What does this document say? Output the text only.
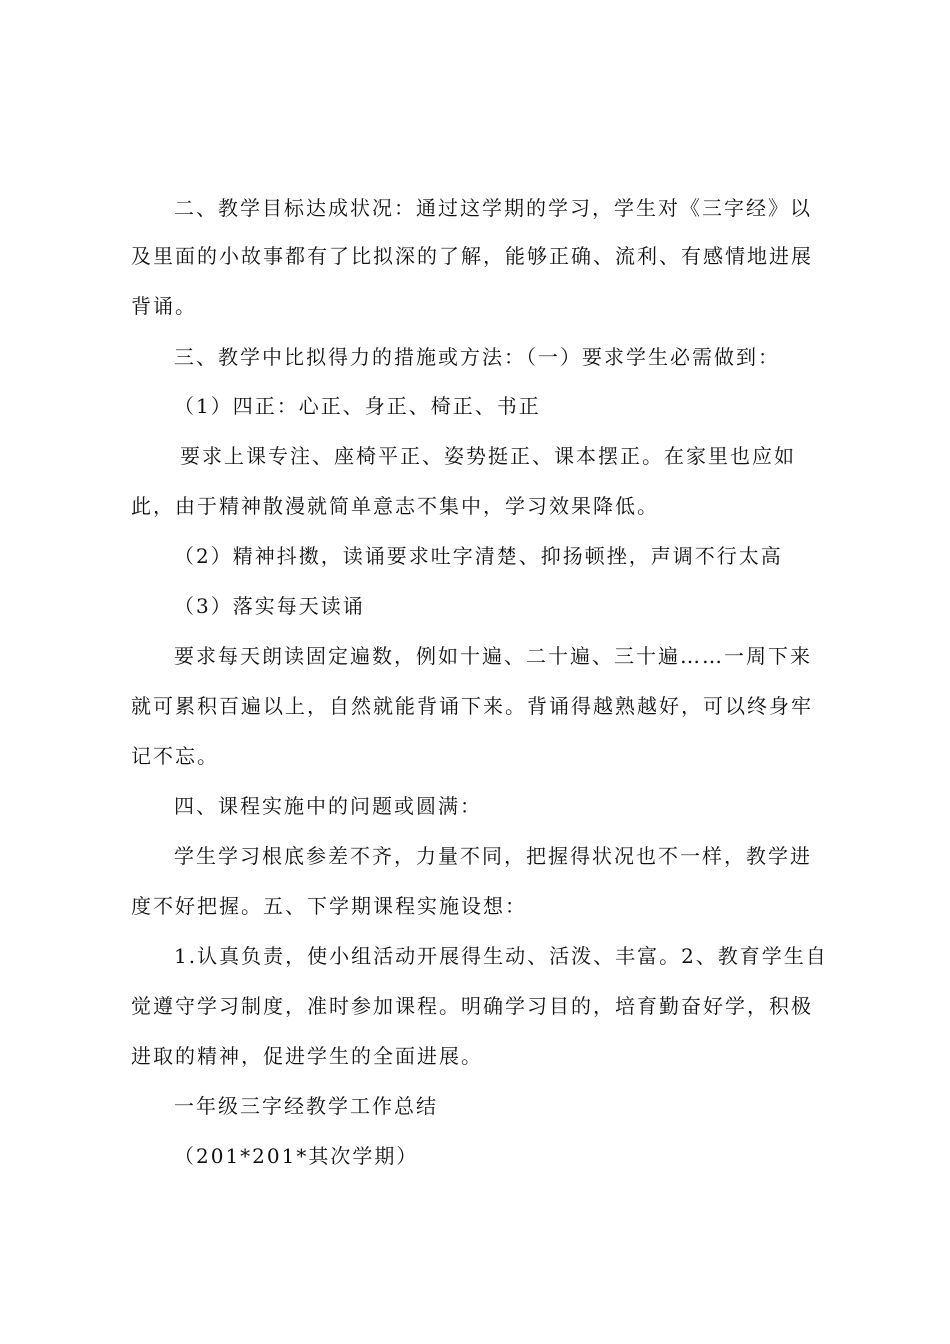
二、教学目标达成状况：通过这学期的学习，学生对《三字经》以
及里面的小故事都有了比拟深的了解，能够正确、流利、有感情地进展
背诵。
三、教学中比拟得力的措施或方法：（一）要求学生必需做到：
（1）四正：心正、身正、椅正、书正
要求上课专注、座椅平正、姿势挺正、课本摆正。在家里也应如
此，由于精神散漫就简单意志不集中，学习效果降低。
（2）精神抖擞，读诵要求吐字清楚、抑扬顿挫，声调不行太高
（3）落实每天读诵
要求每天朗读固定遍数，例如十遍、二十遍、三十遍……一周下来
就可累积百遍以上，自然就能背诵下来。背诵得越熟越好，可以终身牢
记不忘。
四、课程实施中的问题或圆满：
学生学习根底参差不齐，力量不同，把握得状况也不一样，教学进
度不好把握。五、下学期课程实施设想：
1.认真负责，使小组活动开展得生动、活泼、丰富。2、教育学生自
觉遵守学习制度，准时参加课程。明确学习目的，培育勤奋好学，积极
进取的精神，促进学生的全面进展。
一年级三字经教学工作总结
（201*201*其次学期）
